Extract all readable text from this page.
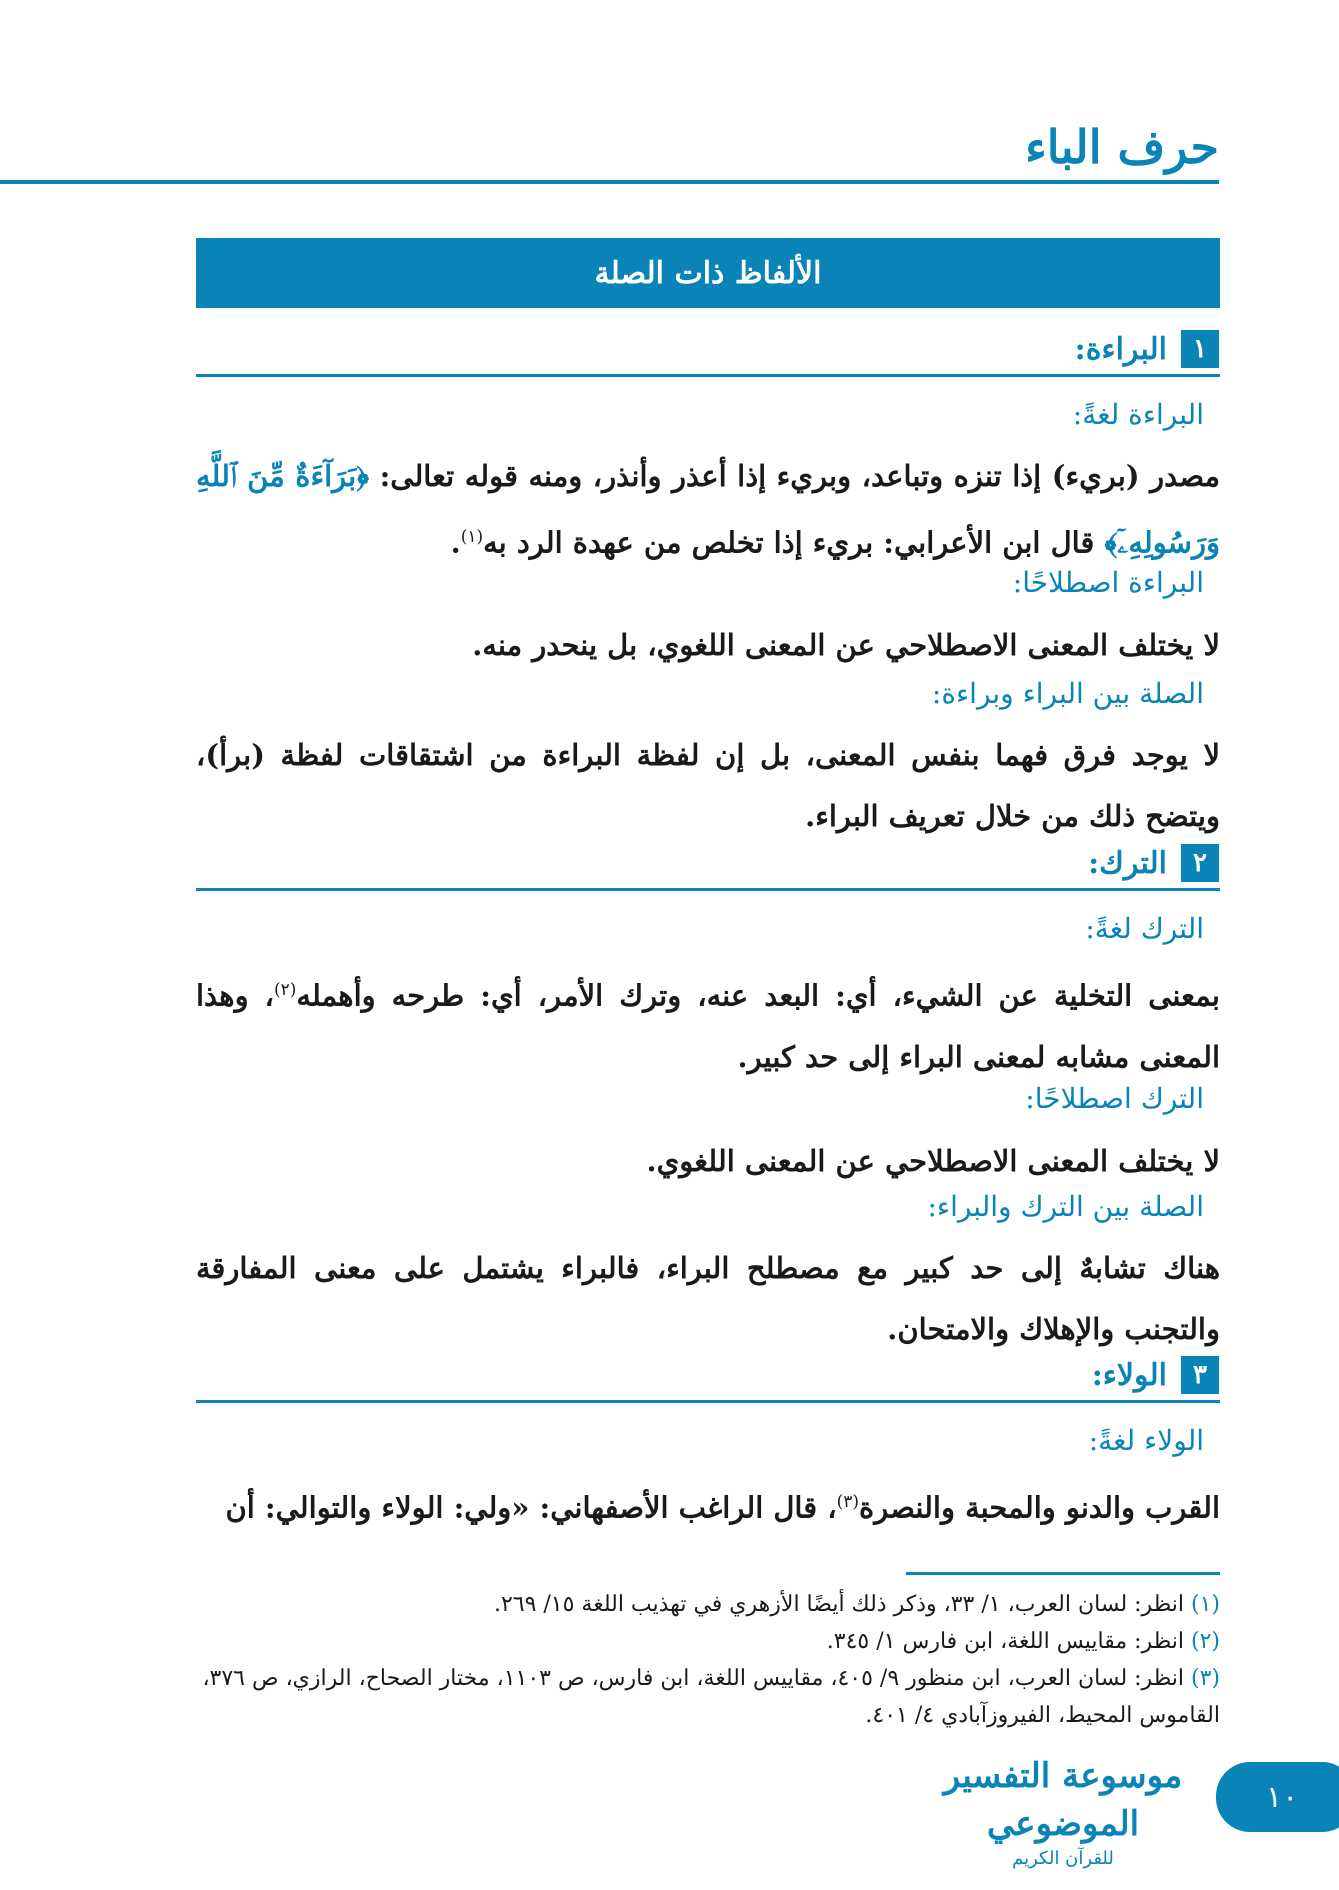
حرف الباء
الألفاظ ذات الصلة
١
البراءة:
البراءة لغةً:
مصدر (بريء) إذا تنزه وتباعد، وبريء إذا أعذر وأنذر، ومنه قوله تعالى: ﴿بَرَآءَةٌ مِّنَ ٱللَّهِ وَرَسُولِهِۦٓ﴾ قال ابن الأعرابي: بريء إذا تخلص من عهدة الرد به$^{(١)}$.
البراءة اصطلاحًا:
لا يختلف المعنى الاصطلاحي عن المعنى اللغوي، بل ينحدر منه.
الصلة بين البراء وبراءة:
لا يوجد فرق فهما بنفس المعنى، بل إن لفظة البراءة من اشتقاقات لفظة (برأ)، ويتضح ذلك من خلال تعريف البراء.
٢
الترك:
الترك لغةً:
بمعنى التخلية عن الشيء، أي: البعد عنه، وترك الأمر، أي: طرحه وأهمله$^{(٢)}$، وهذا المعنى مشابه لمعنى البراء إلى حد كبير.
الترك اصطلاحًا:
لا يختلف المعنى الاصطلاحي عن المعنى اللغوي.
الصلة بين الترك والبراء:
هناك تشابهٌ إلى حد كبير مع مصطلح البراء، فالبراء يشتمل على معنى المفارقة والتجنب والإهلاك والامتحان.
٣
الولاء:
الولاء لغةً:
القرب والدنو والمحبة والنصرة$^{(٣)}$، قال الراغب الأصفهاني: «ولي: الولاء والتوالي: أن
(١) انظر: لسان العرب، ١/ ٣٣، وذكر ذلك أيضًا الأزهري في تهذيب اللغة ١٥/ ٢٦٩.
(٢) انظر: مقاييس اللغة، ابن فارس ١/ ٣٤٥.
(٣) انظر: لسان العرب، ابن منظور ٩/ ٤٠٥، مقاييس اللغة، ابن فارس، ص ١١٠٣، مختار الصحاح، الرازي، ص ٣٧٦، القاموس المحيط، الفيروزآبادي ٤/ ٤٠١.
موسوعة التفسير الموضوعي
للقرآن الكريم
١٠
